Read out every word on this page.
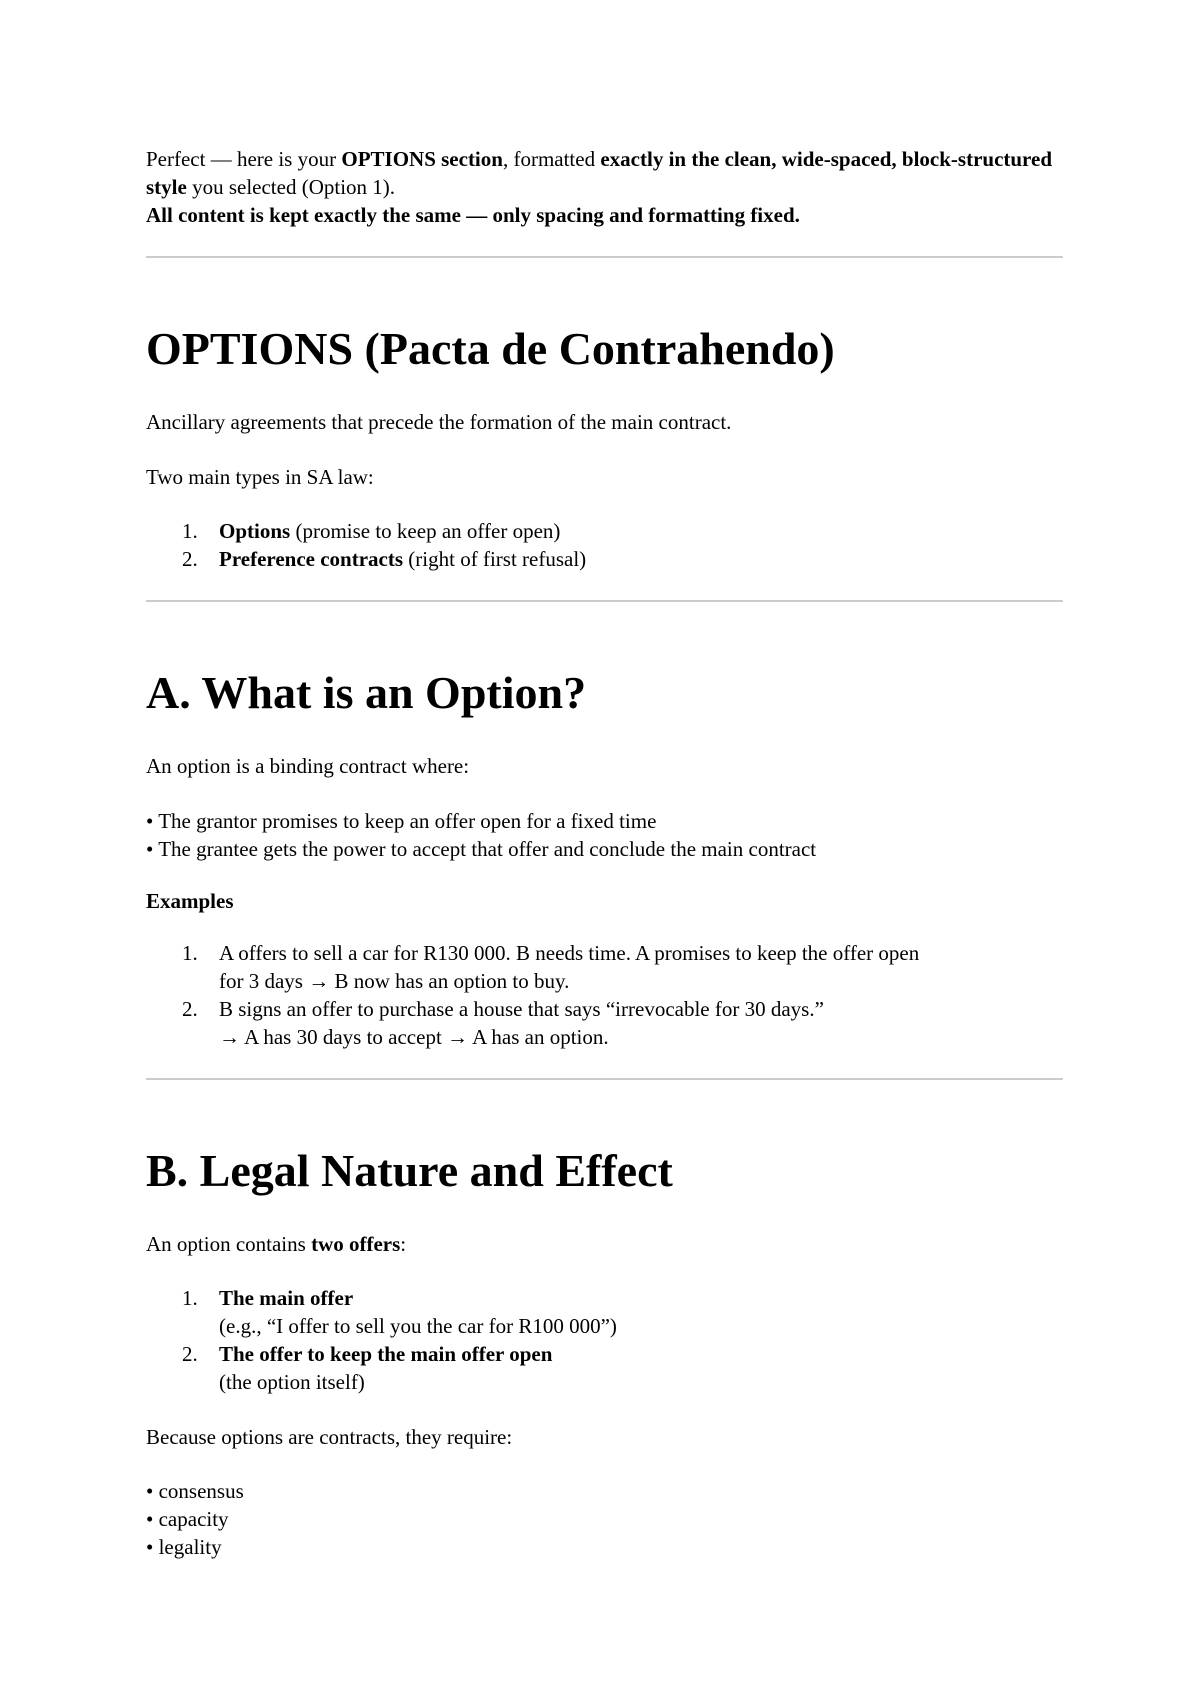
Perfect — here is your OPTIONS section, formatted exactly in the clean, wide-spaced, block-structured style you selected (Option 1).
All content is kept exactly the same — only spacing and formatting fixed.

OPTIONS (Pacta de Contrahendo)

Ancillary agreements that precede the formation of the main contract.

Two main types in SA law:

1. Options (promise to keep an offer open)
2. Preference contracts (right of first refusal)
A. What is an Option?

An option is a binding contract where:

• The grantor promises to keep an offer open for a fixed time
• The grantee gets the power to accept that offer and conclude the main contract

Examples

1. A offers to sell a car for R130 000. B needs time. A promises to keep the offer open
for 3 days → B now has an option to buy.
2. B signs an offer to purchase a house that says “irrevocable for 30 days.”
→ A has 30 days to accept → A has an option.
B. Legal Nature and Effect

An option contains two offers:

1. The main offer
(e.g., “I offer to sell you the car for R100 000”)
2. The offer to keep the main offer open
(the option itself)

Because options are contracts, they require:

• consensus
• capacity
• legality
